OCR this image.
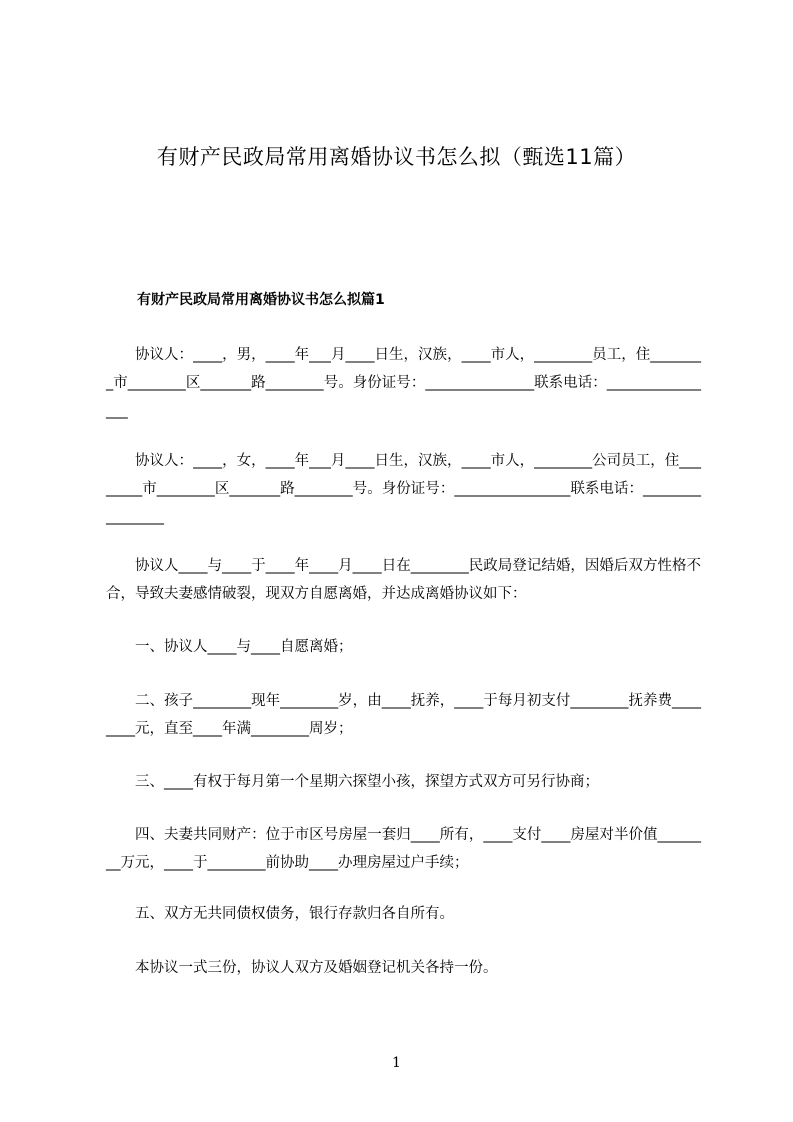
有财产民政局常用离婚协议书怎么拟（甄选11篇）
有财产民政局常用离婚协议书怎么拟篇1

协议人：____，男，____年___月____日生，汉族，____市人，________员工，住________市________区_______路________号。身份证号：_______________联系电话：________________

协议人：____，女，____年___月____日生，汉族，____市人，________公司员工，住________市________区_______路________号。身份证号：________________联系电话：________________

协议人____与____于____年____月____日在________民政局登记结婚，因婚后双方性格不合，导致夫妻感情破裂，现双方自愿离婚，并达成离婚协议如下：

一、协议人____与____自愿离婚；

二、孩子________现年________岁，由____抚养，____于每月初支付________抚养费________元，直至____年满________周岁；

三、____有权于每月第一个星期六探望小孩，探望方式双方可另行协商；

四、夫妻共同财产：位于市区号房屋一套归____所有，____支付____房屋对半价值________万元，____于________前协助____办理房屋过户手续；

五、双方无共同债权债务，银行存款归各自所有。

本协议一式三份，协议人双方及婚姻登记机关各持一份。

1
